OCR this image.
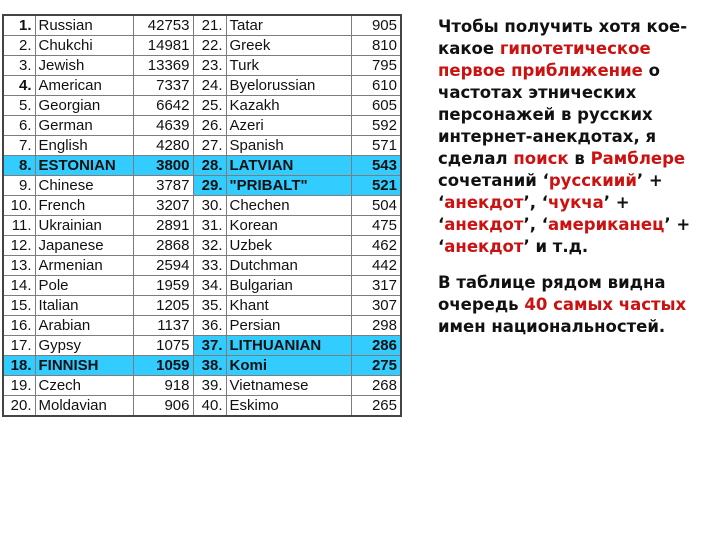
1.	Russian	42753	21.	Tatar	905
2.	Chukchi	14981	22.	Greek	810
3.	Jewish	13369	23.	Turk	795
4.	American	7337	24.	Byelorussian	610
5.	Georgian	6642	25.	Kazakh	605
6.	German	4639	26.	Azeri	592
7.	English	4280	27.	Spanish	571
8.	ESTONIAN	3800	28.	LATVIAN	543
9.	Chinese	3787	29.	"PRIBALT"	521
10.	French	3207	30.	Chechen	504
11.	Ukrainian	2891	31.	Korean	475
12.	Japanese	2868	32.	Uzbek	462
13.	Armenian	2594	33.	Dutchman	442
14.	Pole	1959	34.	Bulgarian	317
15.	Italian	1205	35.	Khant	307
16.	Arabian	1137	36.	Persian	298
17.	Gypsy	1075	37.	LITHUANIAN	286
18.	FINNISH	1059	38.	Komi	275
19.	Czech	918	39.	Vietnamese	268
20.	Moldavian	906	40.	Eskimo	265

Чтобы получить хотя кое-какое гипотетическое первое приближение о частотах этнических персонажей в русских интернет-анекдотах, я сделал поиск в Рамблере сочетаний ‘русскиий’ + ‘анекдот’, ‘чукча’ + ‘анекдот’, ‘американец’ + ‘анекдот’ и т.д.

В таблице рядом видна очередь 40 самых частых имен национальностей.
